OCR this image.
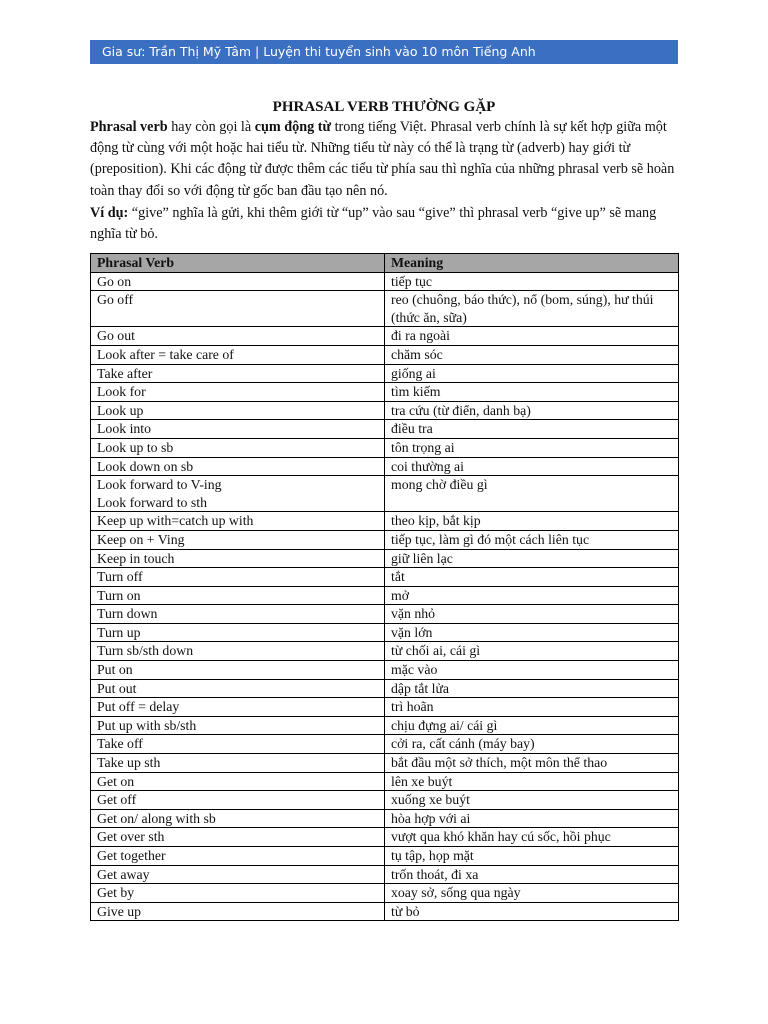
Gia sư: Trần Thị Mỹ Tâm | Luyện thi tuyển sinh vào 10 môn Tiếng Anh
PHRASAL VERB THƯỜNG GẶP
Phrasal verb hay còn gọi là cụm động từ trong tiếng Việt. Phrasal verb chính là sự kết hợp giữa một động từ cùng với một hoặc hai tiểu từ. Những tiểu từ này có thể là trạng từ (adverb) hay giới từ (preposition). Khi các động từ được thêm các tiểu từ phía sau thì nghĩa của những phrasal verb sẽ hoàn toàn thay đổi so với động từ gốc ban đầu tạo nên nó.
Ví dụ: “give” nghĩa là gửi, khi thêm giới từ “up” vào sau “give” thì phrasal verb “give up” sẽ mang nghĩa từ bỏ.
Phrasal Verb	Meaning

Go on	tiếp tục

Go off	reo (chuông, báo thức), nổ (bom, súng), hư thúi (thức ăn, sữa)

Go out	đi ra ngoài

Look after = take care of	chăm sóc

Take after	giống ai

Look for	tìm kiếm

Look up	tra cứu (từ điển, danh bạ)

Look into	điều tra

Look up to sb	tôn trọng ai

Look down on sb	coi thường ai

Look forward to V-ing
Look forward to sth	mong chờ điều gì

Keep up with=catch up with	theo kịp, bắt kịp

Keep on + Ving	tiếp tục, làm gì đó một cách liên tục

Keep in touch	giữ liên lạc

Turn off	tắt

Turn on	mở

Turn down	vặn nhỏ

Turn up	vặn lớn

Turn sb/sth down	từ chối ai, cái gì

Put on	mặc vào

Put out	dập tắt lửa

Put off = delay	trì hoãn

Put up with sb/sth	chịu đựng ai/ cái gì

Take off	cởi ra, cất cánh (máy bay)

Take up sth	bắt đầu một sở thích, một môn thể thao

Get on	lên xe buýt

Get off	xuống xe buýt

Get on/ along with sb	hòa hợp với ai

Get over sth	vượt qua khó khăn hay cú sốc, hồi phục

Get together	tụ tập, họp mặt

Get away	trốn thoát, đi xa

Get by	xoay sở, sống qua ngày

Give up	từ bỏ
